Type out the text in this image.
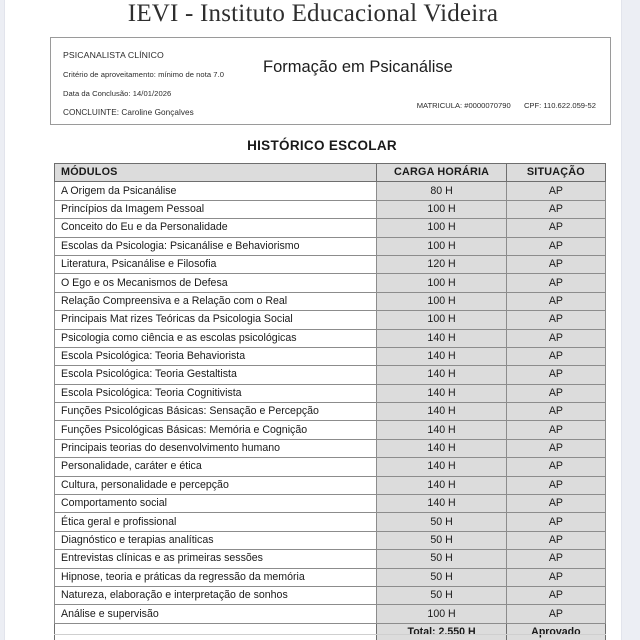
IEVI - Instituto Educacional Videira
PSICANALISTA CLÍNICO
Critério de aproveitamento: mínimo de nota 7.0
Data da Conclusão: 14/01/2026
CONCLUINTE: Caroline Gonçalves
Formação em Psicanálise
MATRICULA: #0000070790 CPF: 110.622.059-52
HISTÓRICO ESCOLAR
MÓDULOS	CARGA HORÁRIA	SITUAÇÃO
A Origem da Psicanálise	80 H	AP
Princípios da Imagem Pessoal	100 H	AP
Conceito do Eu e da Personalidade	100 H	AP
Escolas da Psicologia: Psicanálise e Behaviorismo	100 H	AP
Literatura, Psicanálise e Filosofia	120 H	AP
O Ego e os Mecanismos de Defesa	100 H	AP
Relação Compreensiva e a Relação com o Real	100 H	AP
Principais Mat rizes Teóricas da Psicologia Social	100 H	AP
Psicologia como ciência e as escolas psicológicas	140 H	AP
Escola Psicológica: Teoria Behaviorista	140 H	AP
Escola Psicológica: Teoria Gestaltista	140 H	AP
Escola Psicológica: Teoria Cognitivista	140 H	AP
Funções Psicológicas Básicas: Sensação e Percepção	140 H	AP
Funções Psicológicas Básicas: Memória e Cognição	140 H	AP
Principais teorias do desenvolvimento humano	140 H	AP
Personalidade, caráter e ética	140 H	AP
Cultura, personalidade e percepção	140 H	AP
Comportamento social	140 H	AP
Ética geral e profissional	50 H	AP
Diagnóstico e terapias analíticas	50 H	AP
Entrevistas clínicas e as primeiras sessões	50 H	AP
Hipnose, teoria e práticas da regressão da memória	50 H	AP
Natureza, elaboração e interpretação de sonhos	50 H	AP
Análise e supervisão	100 H	AP
	Total: 2.550 H	Aprovado
